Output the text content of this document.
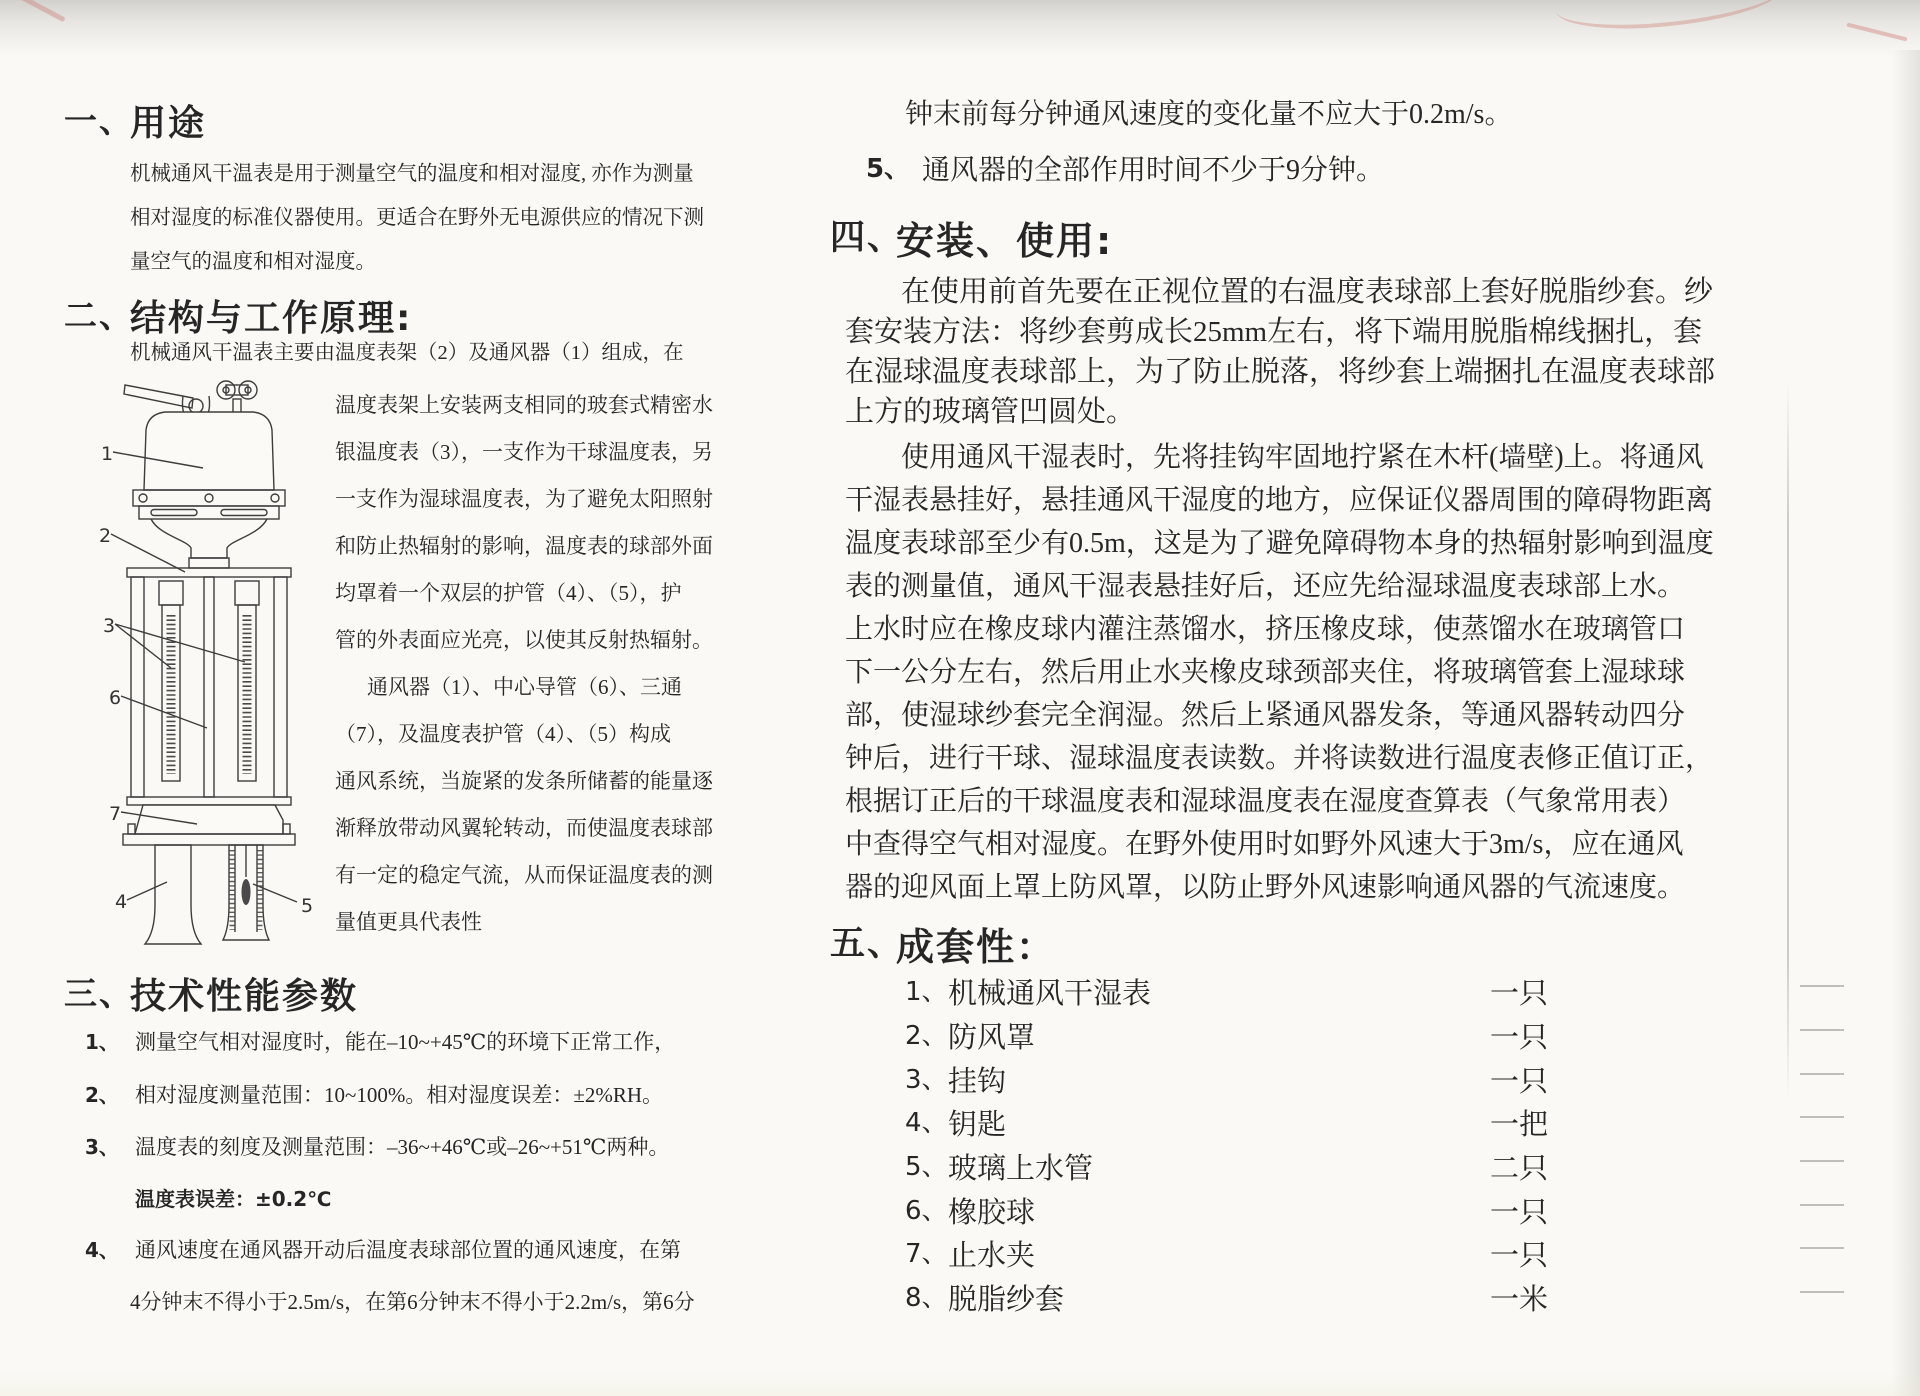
一、
用途
机械通风干温表是用于测量空气的温度和相对湿度, 亦作为测量
相对湿度的标准仪器使用。更适合在野外无电源供应的情况下测
量空气的温度和相对湿度。
二、
结构与工作原理:
机械通风干温表主要由温度表架（2）及通风器（1）组成，在
1
2
3
6
7
4	5
温度表架上安装两支相同的玻套式精密水
银温度表（3），一支作为干球温度表，另
一支作为湿球温度表，为了避免太阳照射
和防止热辐射的影响，温度表的球部外面
均罩着一个双层的护管（4）、（5），护
管的外表面应光亮，以使其反射热辐射。
通风器（1）、中心导管（6）、三通
（7），及温度表护管（4）、（5）构成
通风系统，当旋紧的发条所储蓄的能量逐
渐释放带动风翼轮转动，而使温度表球部
有一定的稳定气流，从而保证温度表的测
量值更具代表性
三、
技术性能参数
1、 测量空气相对湿度时，能在–10~+45℃的环境下正常工作，
2、 相对湿度测量范围：10~100%。相对湿度误差：±2%RH。
3、 温度表的刻度及测量范围：–36~+46℃或–26~+51℃两种。
温度表误差：±0.2℃
4、 通风速度在通风器开动后温度表球部位置的通风速度，在第
4分钟末不得小于2.5m/s，在第6分钟末不得小于2.2m/s，第6分
钟末前每分钟通风速度的变化量不应大于0.2m/s。
5、 通风器的全部作用时间不少于9分钟。
四、
安装、使用:
在使用前首先要在正视位置的右温度表球部上套好脱脂纱套。纱
套安装方法：将纱套剪成长25mm左右，将下端用脱脂棉线捆扎，套
在湿球温度表球部上，为了防止脱落，将纱套上端捆扎在温度表球部
上方的玻璃管凹圆处。
使用通风干湿表时，先将挂钩牢固地拧紧在木杆(墙壁)上。将通风
干湿表悬挂好，悬挂通风干湿度的地方，应保证仪器周围的障碍物距离
温度表球部至少有0.5m，这是为了避免障碍物本身的热辐射影响到温度
表的测量值，通风干湿表悬挂好后，还应先给湿球温度表球部上水。
上水时应在橡皮球内灌注蒸馏水，挤压橡皮球，使蒸馏水在玻璃管口
下一公分左右，然后用止水夹橡皮球颈部夹住，将玻璃管套上湿球球
部，使湿球纱套完全润湿。然后上紧通风器发条，等通风器转动四分
钟后，进行干球、湿球温度表读数。并将读数进行温度表修正值订正，
根据订正后的干球温度表和湿球温度表在湿度查算表（气象常用表）
中查得空气相对湿度。在野外使用时如野外风速大于3m/s，应在通风
器的迎风面上罩上防风罩，以防止野外风速影响通风器的气流速度。
五、
成套性：
1、 机械通风干湿表	一只
2、 防风罩	一只
3、 挂钩	一只
4、 钥匙	一把
5、 玻璃上水管	二只
6、 橡胶球	一只
7、 止水夹	一只
8、 脱脂纱套	一米
